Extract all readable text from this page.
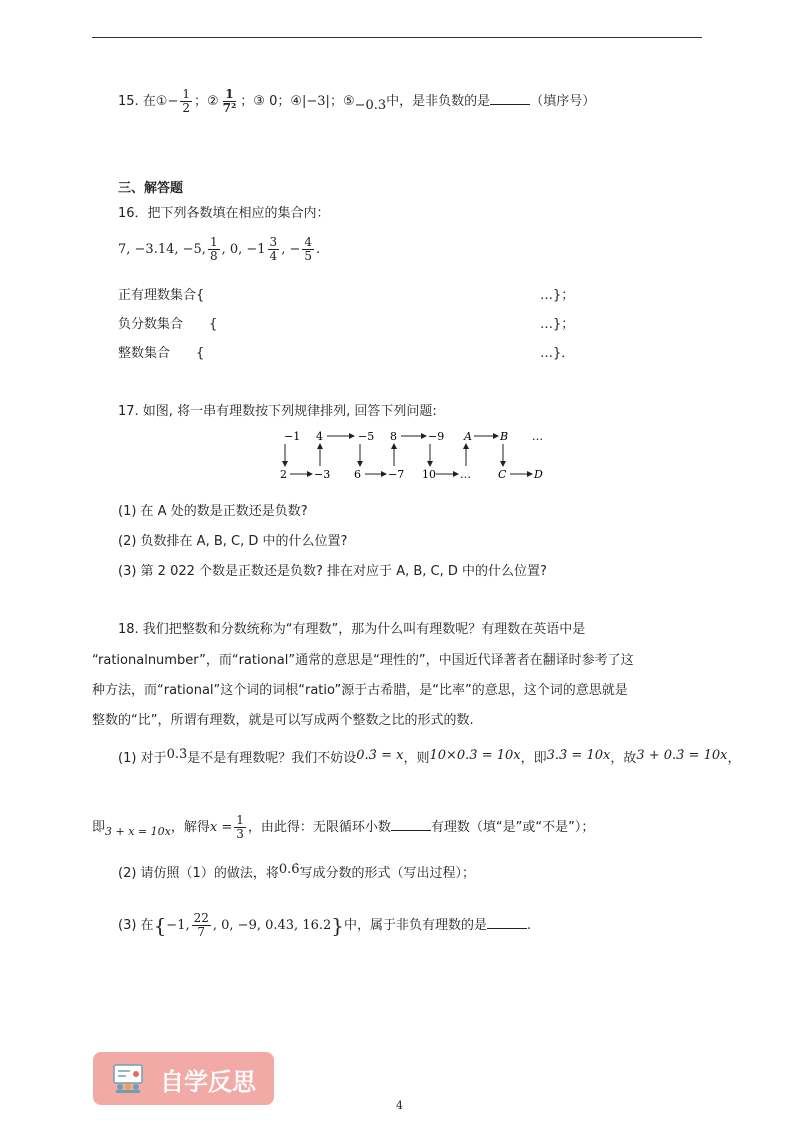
15. 在①− $\frac{1}{2}$ ；② $\frac{1}{\text{7²}}$ ；③ 0；④|−3|；⑤−0.3中，是非负数的是	（填序号）
三、解答题
16．把下列各数填在相应的集合内：
7, −3.14, −5, $\frac{1}{8}$ , 0, $-1 \frac{3}{4}$ , − $\frac{4}{5}$ .
正有理数集合{	…}；
负分数集合　　{	…}；
整数集合　　{	…}．
17. 如图, 将一串有理数按下列规律排列, 回答下列问题:
−1 4	−5 8	−9 A	B …
2 −3 6 −7 10 … C	D
(1) 在 A 处的数是正数还是负数?
(2) 负数排在 A, B, C, D 中的什么位置?
(3) 第 2 022 个数是正数还是负数? 排在对应于 A, B, C, D 中的什么位置?
18. 我们把整数和分数统称为“有理数”，那为什么叫有理数呢？有理数在英语中是
“rationalnumber”，而“rational”通常的意思是“理性的”，中国近代译著者在翻译时参考了这
种方法，而“rational”这个词的词根“ratio”源于古希腊，是“比率”的意思，这个词的意思就是
整数的“比”，所谓有理数，就是可以写成两个整数之比的形式的数.
(1) 对于0.3̇是不是有理数呢？我们不妨设0.3̇ = x，则10×0.3̇ = 10x，即3.3̇ = 10x，故3 + 0.3̇ = 10x，
即$_{3 + x = 10x}$，解得$x = \frac{1}{3}$ ，由此得：无限循环小数	有理数（填“是”或“不是”）；
(2) 请仿照（1）的做法，将0.6̇写成分数的形式（写出过程）；
(3) 在{−1, $\frac{22}{7}$ , 0, −9, 0.4̇3̇, 16.2}中，属于非负有理数的是	.
自学反思
4
